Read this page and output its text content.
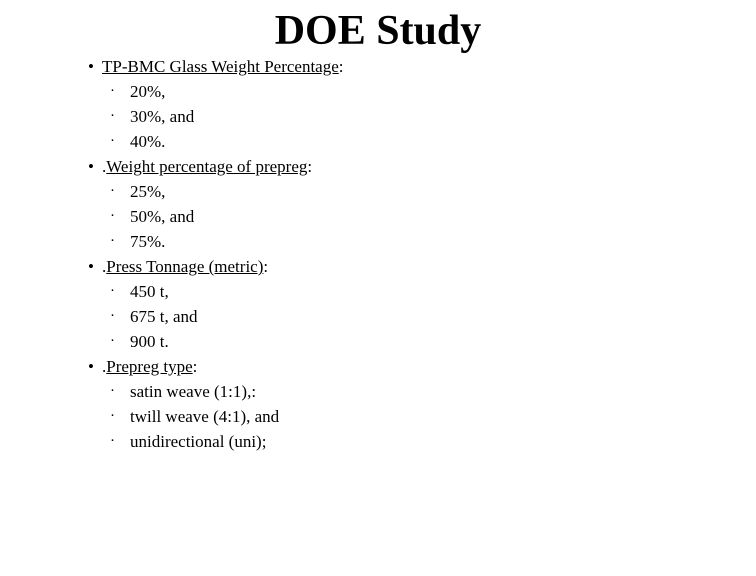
DOE Study
• TP-BMC Glass Weight Percentage:
· 20%,
· 30%, and
· 40%.
• .Weight percentage of prepreg:
· 25%,
· 50%, and
· 75%.
• .Press Tonnage (metric):
· 450 t,
· 675 t, and
· 900 t.
• .Prepreg type:
· satin weave (1:1),:
· twill weave (4:1), and
· unidirectional (uni);
